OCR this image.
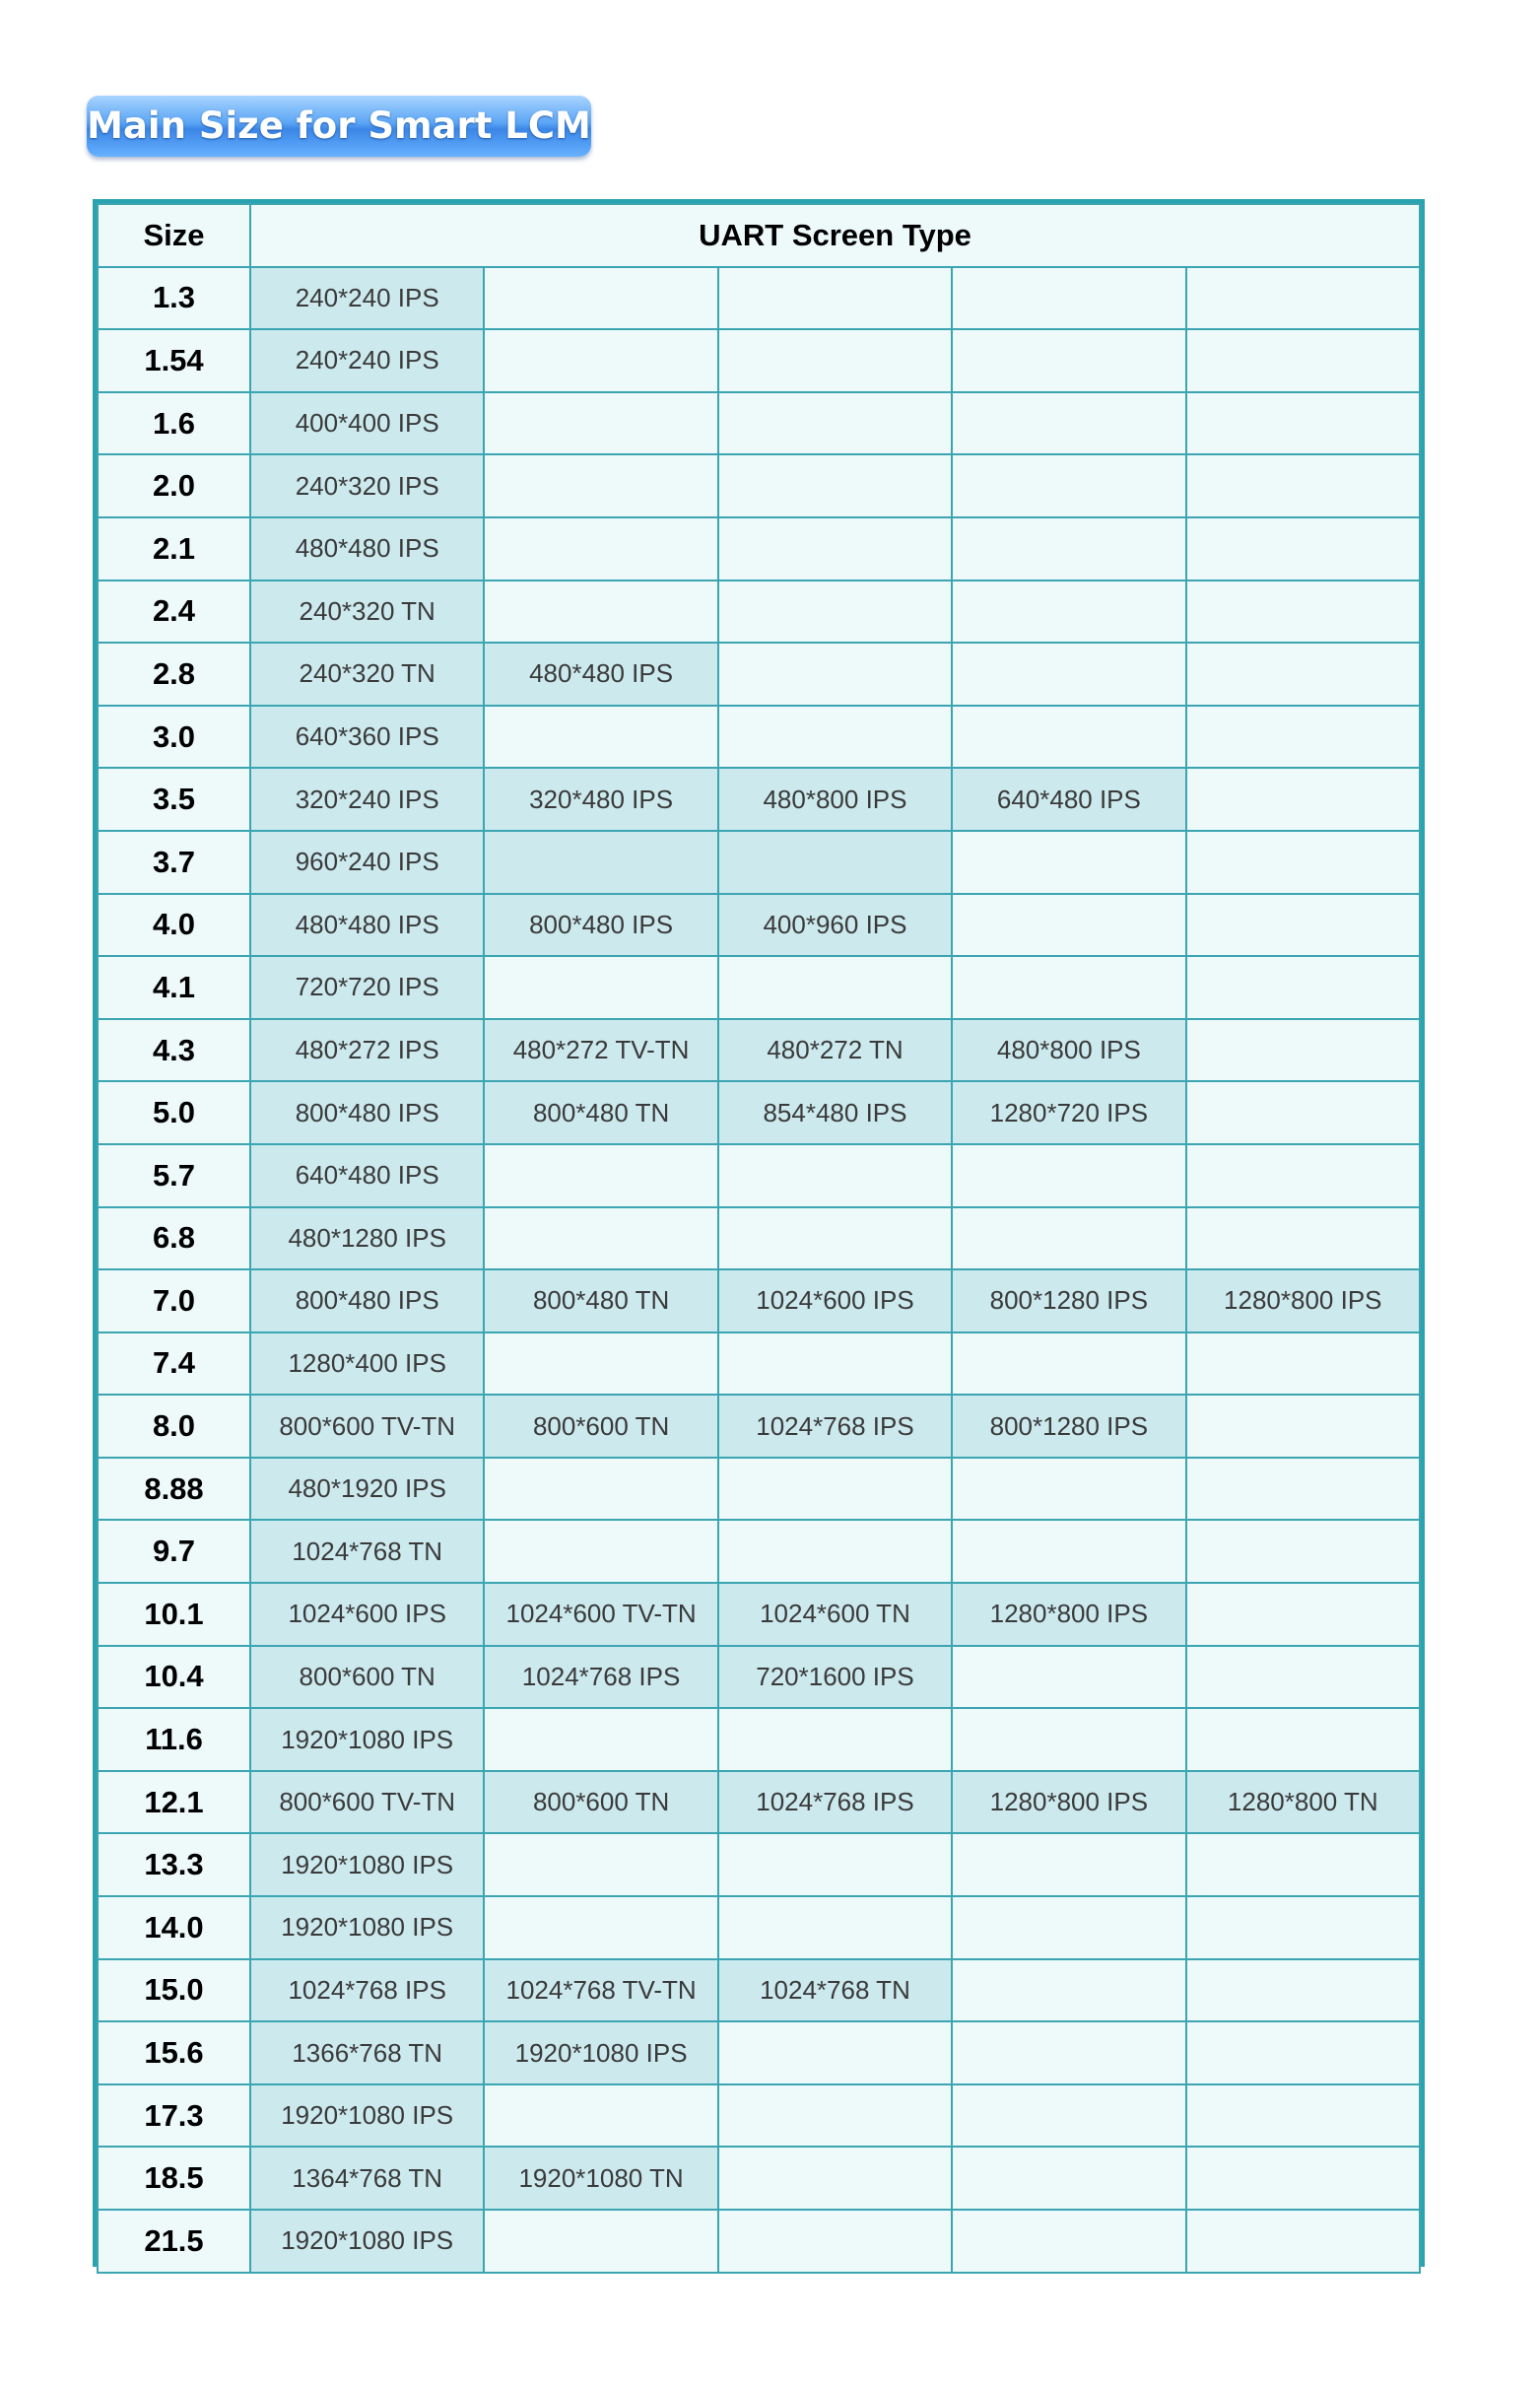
Main Size for Smart LCM
Size	UART Screen Type				
1.3	240*240 IPS				
1.54	240*240 IPS				
1.6	400*400 IPS				
2.0	240*320 IPS				
2.1	480*480 IPS				
2.4	240*320 TN				
2.8	240*320 TN	480*480 IPS			
3.0	640*360 IPS				
3.5	320*240 IPS	320*480 IPS	480*800 IPS	640*480 IPS	
3.7	960*240 IPS				
4.0	480*480 IPS	800*480 IPS	400*960 IPS		
4.1	720*720 IPS				
4.3	480*272 IPS	480*272 TV-TN	480*272 TN	480*800 IPS	
5.0	800*480 IPS	800*480 TN	854*480 IPS	1280*720 IPS	
5.7	640*480 IPS				
6.8	480*1280 IPS				
7.0	800*480 IPS	800*480 TN	1024*600 IPS	800*1280 IPS	1280*800 IPS
7.4	1280*400 IPS				
8.0	800*600 TV-TN	800*600 TN	1024*768 IPS	800*1280 IPS	
8.88	480*1920 IPS				
9.7	1024*768 TN				
10.1	1024*600 IPS	1024*600 TV-TN	1024*600 TN	1280*800 IPS	
10.4	800*600 TN	1024*768 IPS	720*1600 IPS		
11.6	1920*1080 IPS				
12.1	800*600 TV-TN	800*600 TN	1024*768 IPS	1280*800 IPS	1280*800 TN
13.3	1920*1080 IPS				
14.0	1920*1080 IPS				
15.0	1024*768 IPS	1024*768 TV-TN	1024*768 TN		
15.6	1366*768 TN	1920*1080 IPS			
17.3	1920*1080 IPS				
18.5	1364*768 TN	1920*1080 TN			
21.5	1920*1080 IPS				
